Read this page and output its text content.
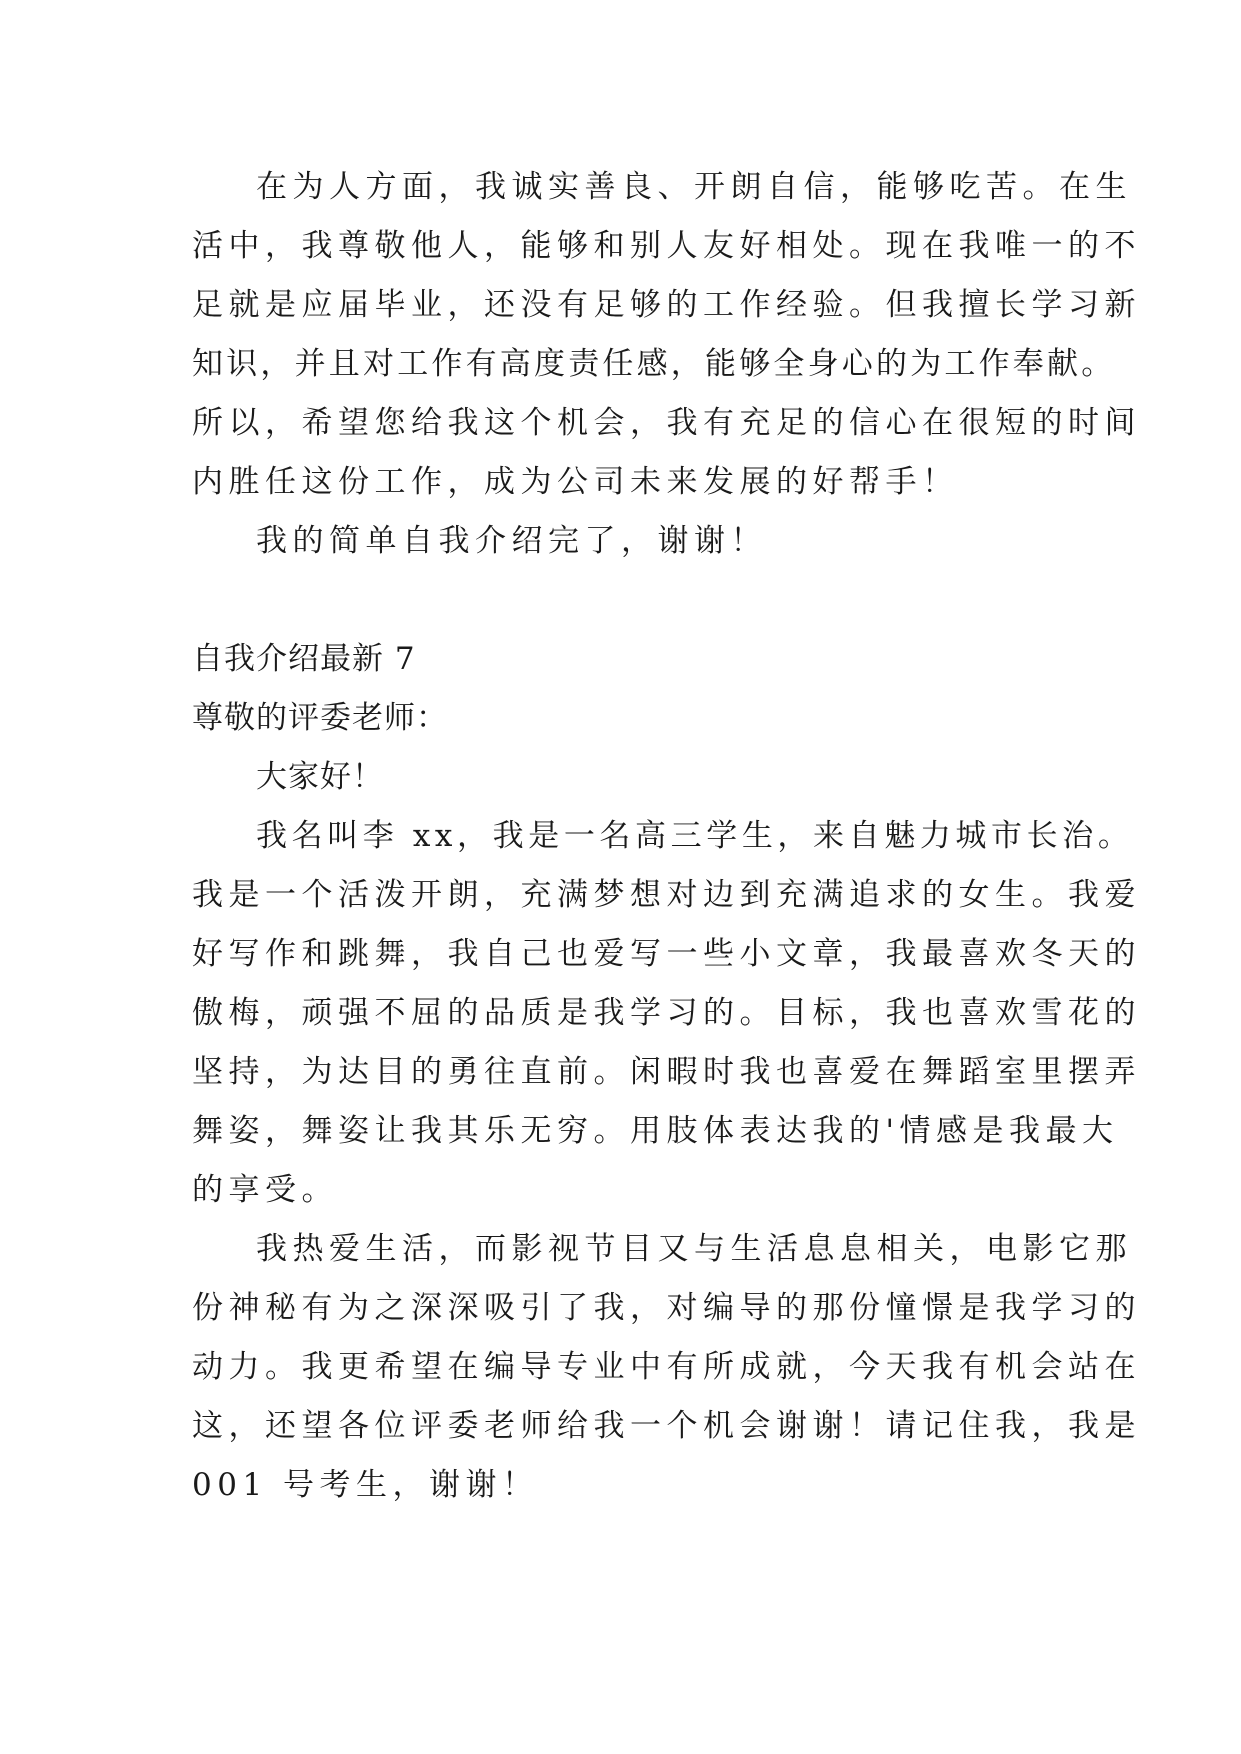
在为人方面，我诚实善良、开朗自信，能够吃苦。在生
活中，我尊敬他人，能够和别人友好相处。现在我唯一的不
足就是应届毕业，还没有足够的工作经验。但我擅长学习新
知识，并且对工作有高度责任感，能够全身心的为工作奉献。
所以，希望您给我这个机会，我有充足的信心在很短的时间
内胜任这份工作，成为公司未来发展的好帮手！
我的简单自我介绍完了，谢谢！
自我介绍最新 7
尊敬的评委老师：
大家好！
我名叫李 xx，我是一名高三学生，来自魅力城市长治。
我是一个活泼开朗，充满梦想对边到充满追求的女生。我爱
好写作和跳舞，我自己也爱写一些小文章，我最喜欢冬天的
傲梅，顽强不屈的品质是我学习的。目标，我也喜欢雪花的
坚持，为达目的勇往直前。闲暇时我也喜爱在舞蹈室里摆弄
舞姿，舞姿让我其乐无穷。用肢体表达我的'情感是我最大
的享受。
我热爱生活，而影视节目又与生活息息相关，电影它那
份神秘有为之深深吸引了我，对编导的那份憧憬是我学习的
动力。我更希望在编导专业中有所成就，今天我有机会站在
这，还望各位评委老师给我一个机会谢谢！请记住我，我是
001 号考生，谢谢！
